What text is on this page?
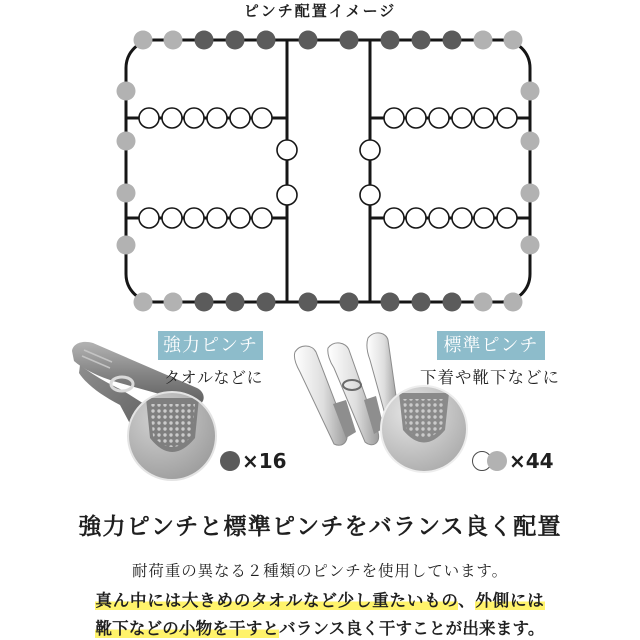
ピンチ配置イメージ
強力ピンチ
タオルなどに
×16
標準ピンチ
下着や靴下などに
×44
強力ピンチと標準ピンチをバランス良く配置
耐荷重の異なる２種類のピンチを使用しています。
真ん中には大きめのタオルなど少し重たいもの、外側には
靴下などの小物を干すとバランス良く干すことが出来ます。
